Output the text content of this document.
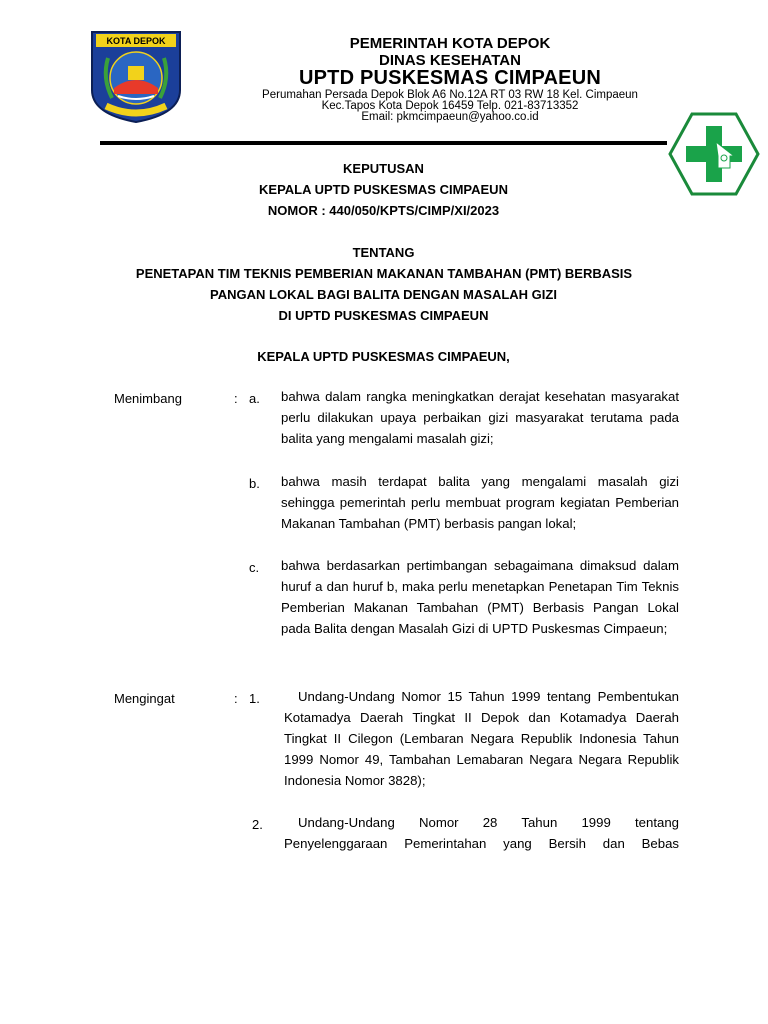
KOTA DEPOK	PEMERINTAH KOTA DEPOK
DINAS KESEHATAN
UPTD PUSKESMAS CIMPAEUN
Perumahan Persada Depok Blok A6 No.12A RT 03 RW 18 Kel. Cimpaeun
Kec.Tapos Kota Depok 16459 Telp. 021-83713352
Email: pkmcimpaeun@yahoo.co.id
KEPUTUSAN
KEPALA UPTD PUSKESMAS CIMPAEUN
NOMOR : 440/050/KPTS/CIMP/XI/2023
TENTANG
PENETAPAN TIM TEKNIS PEMBERIAN MAKANAN TAMBAHAN (PMT) BERBASIS
PANGAN LOKAL BAGI BALITA DENGAN MASALAH GIZI
DI UPTD PUSKESMAS CIMPAEUN
KEPALA UPTD PUSKESMAS CIMPAEUN,
Menimbang	: a. bahwa dalam rangka meningkatkan derajat kesehatan masyarakat perlu dilakukan upaya perbaikan gizi masyarakat terutama pada balita yang mengalami masalah gizi;
b. bahwa masih terdapat balita yang mengalami masalah gizi sehingga pemerintah perlu membuat program kegiatan Pemberian Makanan Tambahan (PMT) berbasis pangan lokal;
c. bahwa berdasarkan pertimbangan sebagaimana dimaksud dalam huruf a dan huruf b, maka perlu menetapkan Penetapan Tim Teknis Pemberian Makanan Tambahan (PMT) Berbasis Pangan Lokal pada Balita dengan Masalah Gizi di UPTD Puskesmas Cimpaeun;
Mengingat	: 1.	Undang-Undang Nomor 15 Tahun 1999 tentang Pembentukan Kotamadya Daerah Tingkat II Depok dan Kotamadya Daerah Tingkat II Cilegon (Lembaran Negara Republik Indonesia Tahun 1999 Nomor 49, Tambahan Lemabaran Negara Negara Republik Indonesia Nomor 3828);
2.	Undang-Undang Nomor 28 Tahun 1999 tentang Penyelenggaraan Pemerintahan yang Bersih dan Bebas
